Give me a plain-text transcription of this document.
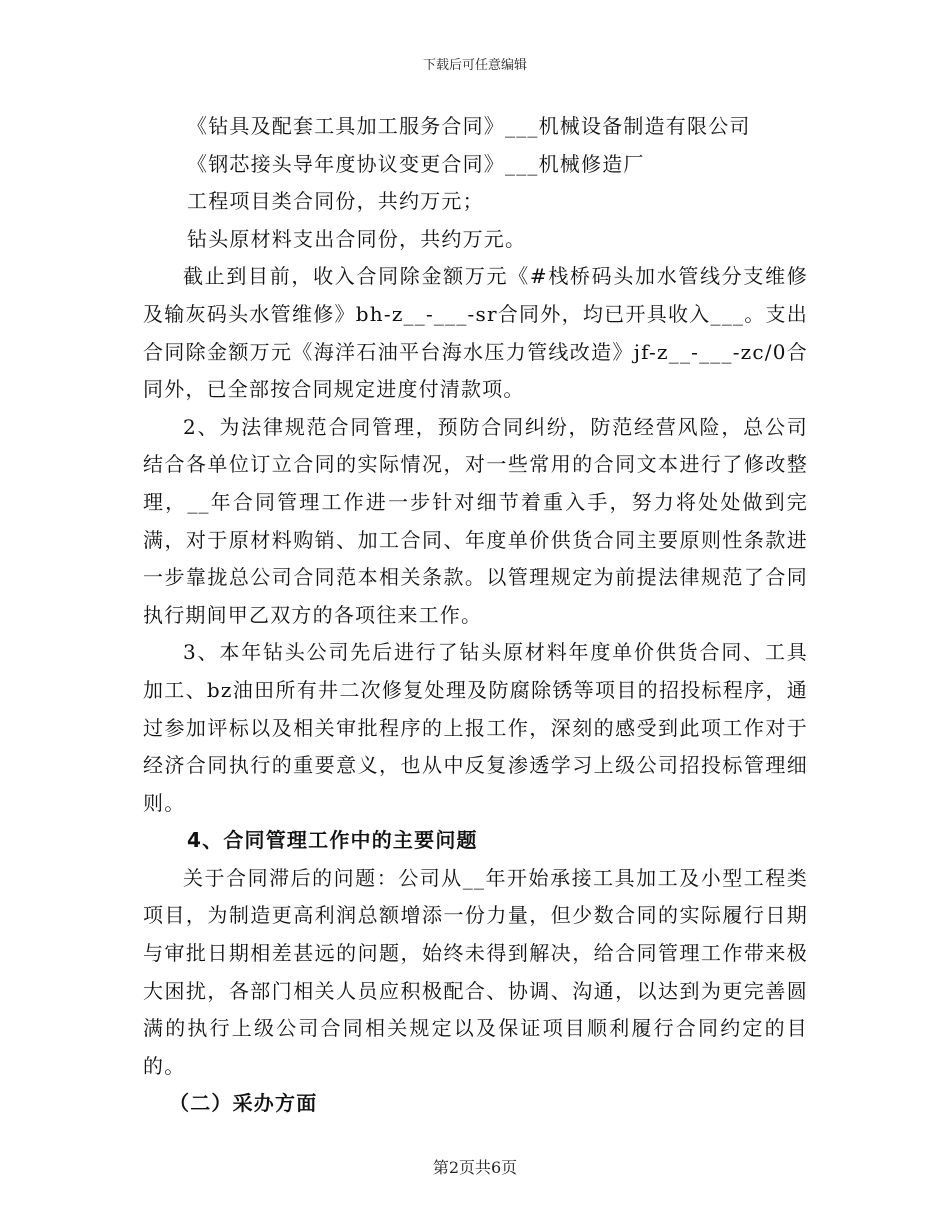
下载后可任意编辑
《钻具及配套工具加工服务合同》___机械设备制造有限公司
《钢芯接头导年度协议变更合同》___机械修造厂
工程项目类合同份，共约万元；
钻头原材料支出合同份，共约万元。

截止到目前，收入合同除金额万元《#栈桥码头加水管线分支维修及输灰码头水管维修》bh-z__-___-sr合同外，均已开具收入___。支出合同除金额万元《海洋石油平台海水压力管线改造》jf-z__-___-zc/0合同外，已全部按合同规定进度付清款项。

2、为法律规范合同管理，预防合同纠纷，防范经营风险，总公司结合各单位订立合同的实际情况，对一些常用的合同文本进行了修改整理，__年合同管理工作进一步针对细节着重入手，努力将处处做到完满，对于原材料购销、加工合同、年度单价供货合同主要原则性条款进一步靠拢总公司合同范本相关条款。以管理规定为前提法律规范了合同执行期间甲乙双方的各项往来工作。

3、本年钻头公司先后进行了钻头原材料年度单价供货合同、工具加工、bz油田所有井二次修复处理及防腐除锈等项目的招投标程序，通过参加评标以及相关审批程序的上报工作，深刻的感受到此项工作对于经济合同执行的重要意义，也从中反复渗透学习上级公司招投标管理细则。

4、合同管理工作中的主要问题

关于合同滞后的问题：公司从__年开始承接工具加工及小型工程类项目，为制造更高利润总额增添一份力量，但少数合同的实际履行日期与审批日期相差甚远的问题，始终未得到解决，给合同管理工作带来极大困扰，各部门相关人员应积极配合、协调、沟通，以达到为更完善圆满的执行上级公司合同相关规定以及保证项目顺利履行合同约定的目的。

（二）采办方面
第2页共6页
